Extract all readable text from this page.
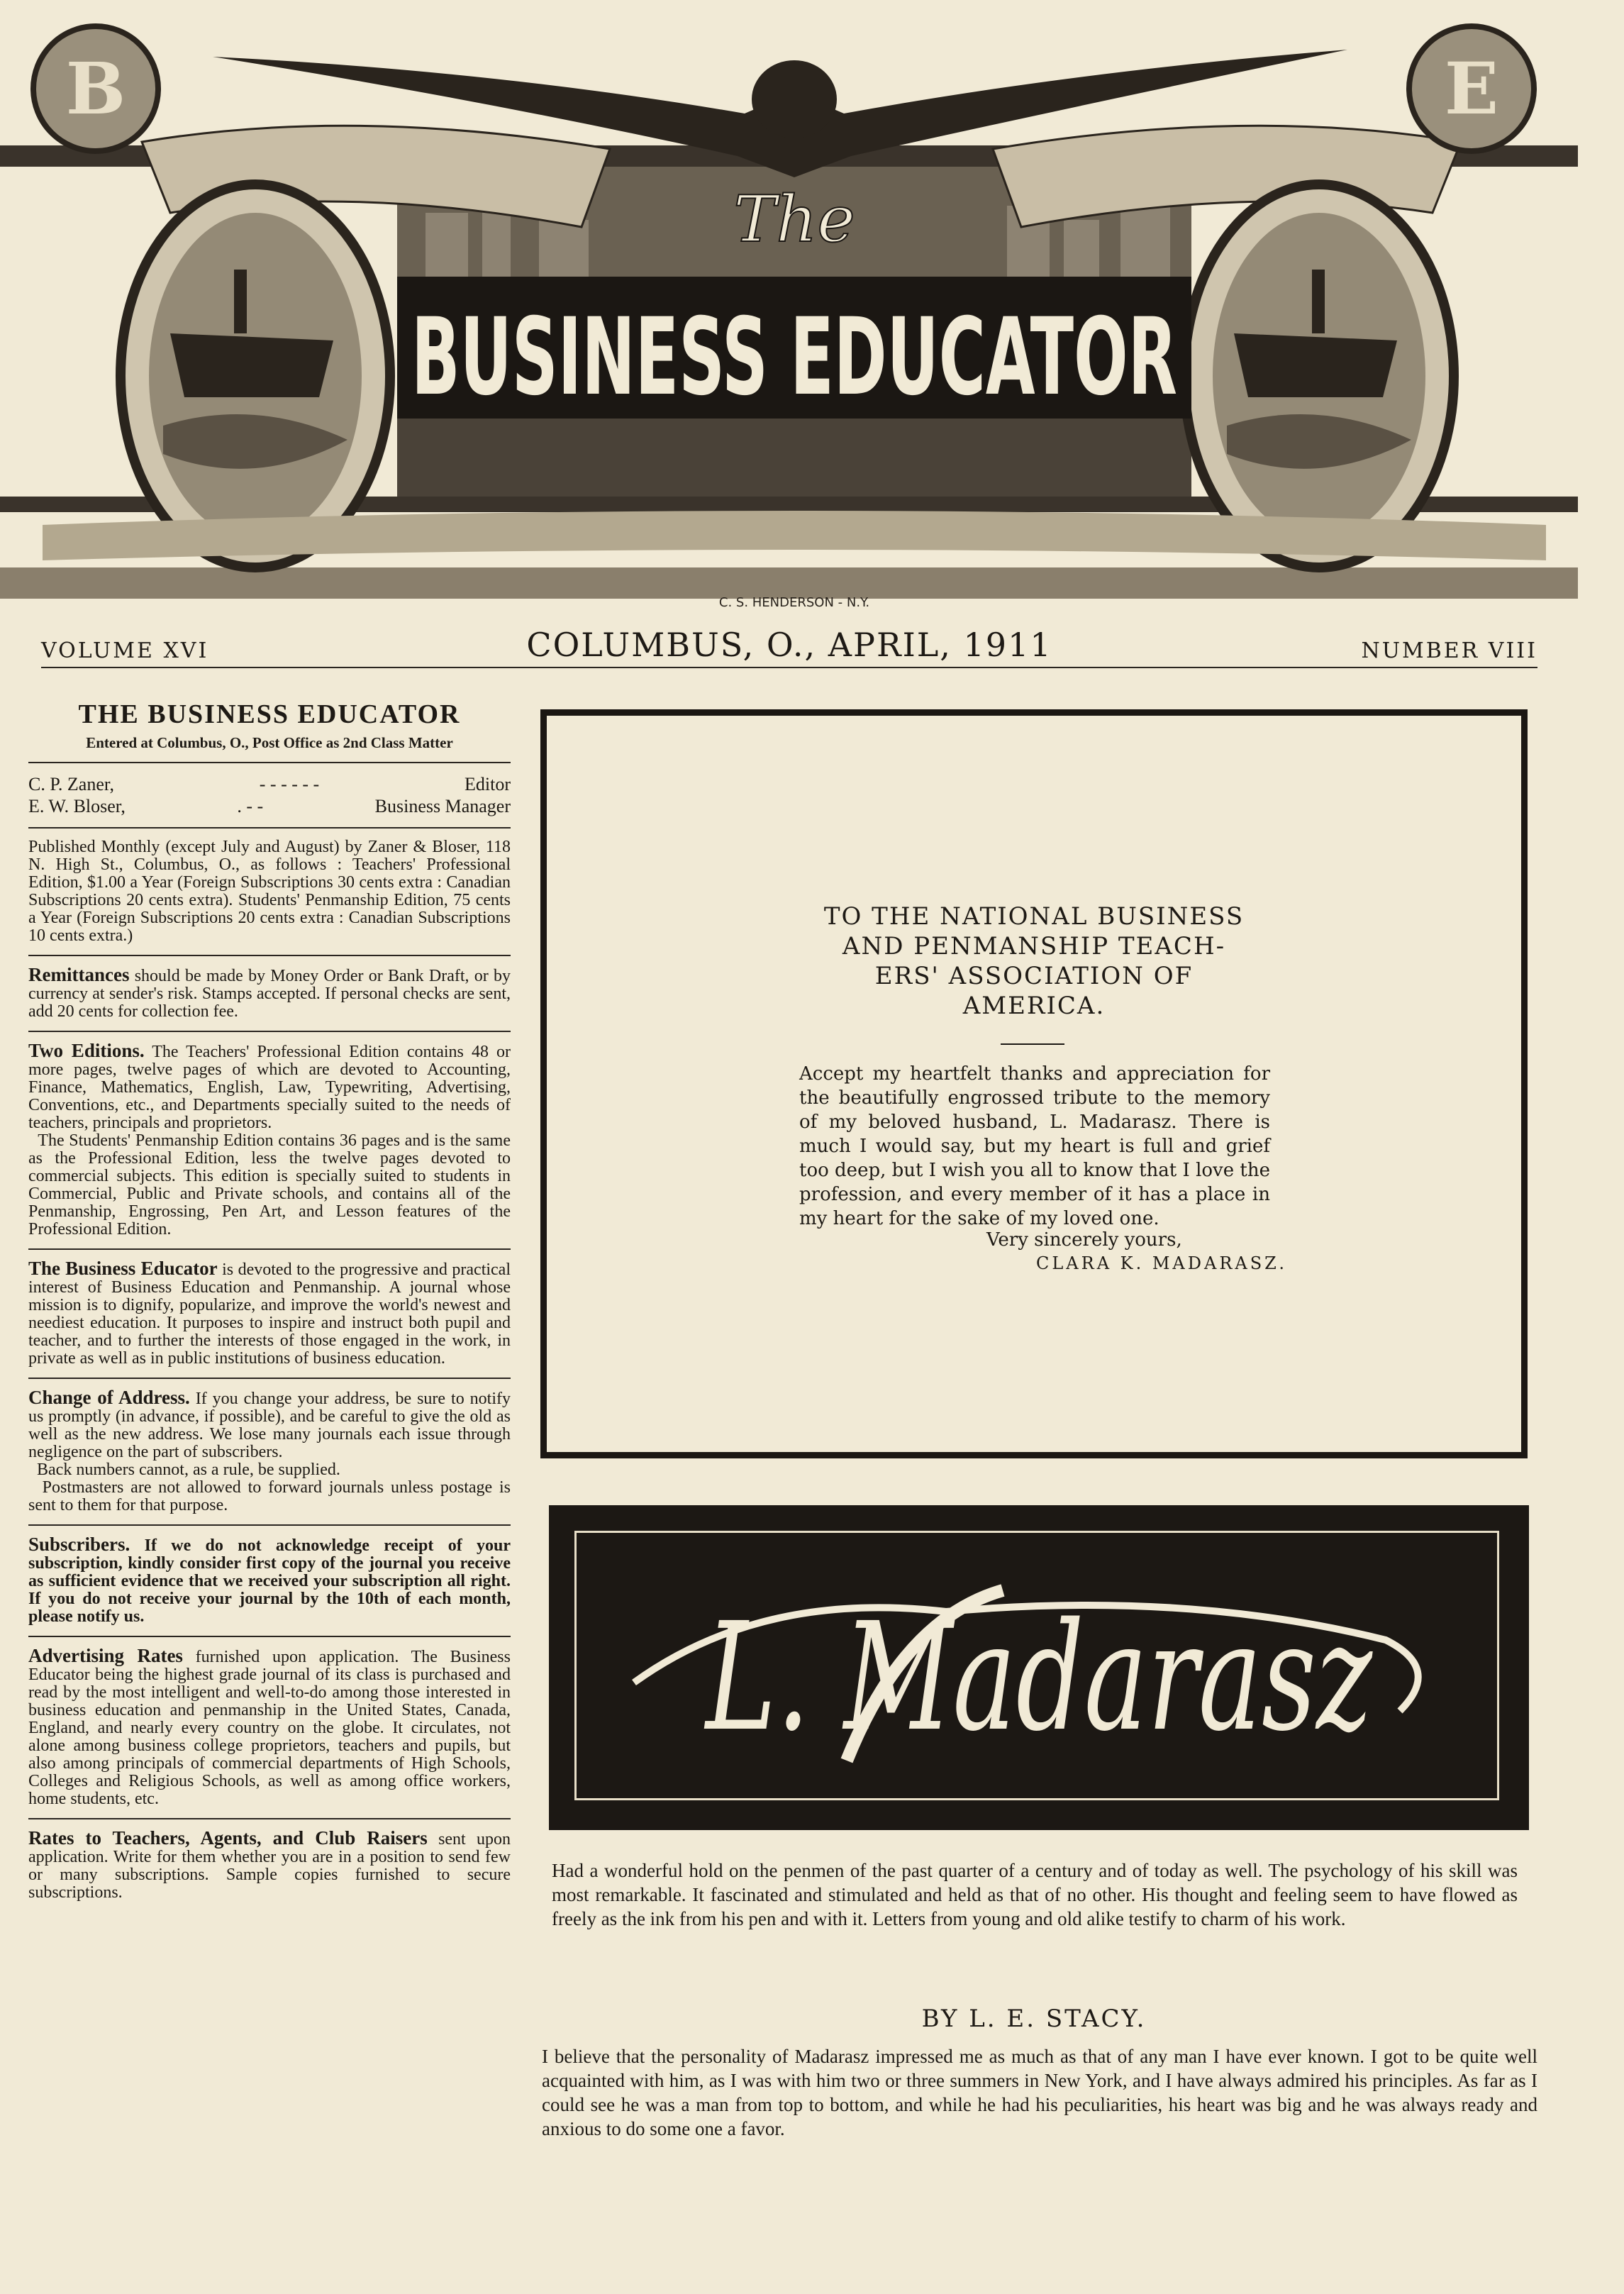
B	E
The
BUSINESS EDUCATOR
C. S. HENDERSON - N.Y.
VOLUME XVI	COLUMBUS, O., APRIL, 1911	NUMBER VIII
THE BUSINESS EDUCATOR
Entered at Columbus, O., Post Office as 2nd Class Matter
C. P. Zaner,	- - - - - -	Editor
E. W. Bloser,	. - -	Business Manager
Published Monthly (except July and August) by Zaner & Bloser, 118 N. High St., Columbus, O., as follows : Teachers' Professional Edition, $1.00 a Year (Foreign Subscriptions 30 cents extra : Canadian Subscriptions 20 cents extra). Students' Penmanship Edition, 75 cents a Year (Foreign Subscriptions 20 cents extra : Canadian Subscriptions 10 cents extra.)
Remittances should be made by Money Order or Bank Draft, or by currency at sender's risk. Stamps accepted. If personal checks are sent, add 20 cents for collection fee.
Two Editions. The Teachers' Professional Edition contains 48 or more pages, twelve pages of which are devoted to Accounting, Finance, Mathematics, English, Law, Typewriting, Advertising, Conventions, etc., and Departments specially suited to the needs of teachers, principals and proprietors.
The Students' Penmanship Edition contains 36 pages and is the same as the Professional Edition, less the twelve pages devoted to commercial subjects. This edition is specially suited to students in Commercial, Public and Private schools, and contains all of the Penmanship, Engrossing, Pen Art, and Lesson features of the Professional Edition.
The Business Educator is devoted to the progressive and practical interest of Business Education and Penmanship. A journal whose mission is to dignify, popularize, and improve the world's newest and neediest education. It purposes to inspire and instruct both pupil and teacher, and to further the interests of those engaged in the work, in private as well as in public institutions of business education.
Change of Address. If you change your address, be sure to notify us promptly (in advance, if possible), and be careful to give the old as well as the new address. We lose many journals each issue through negligence on the part of subscribers.
Back numbers cannot, as a rule, be supplied.
Postmasters are not allowed to forward journals unless postage is sent to them for that purpose.
Subscribers. If we do not acknowledge receipt of your subscription, kindly consider first copy of the journal you receive as sufficient evidence that we received your subscription all right. If you do not receive your journal by the 10th of each month, please notify us.
Advertising Rates furnished upon application. The Business Educator being the highest grade journal of its class is purchased and read by the most intelligent and well-to-do among those interested in business education and penmanship in the United States, Canada, England, and nearly every country on the globe. It circulates, not alone among business college proprietors, teachers and pupils, but also among principals of commercial departments of High Schools, Colleges and Religious Schools, as well as among office workers, home students, etc.
Rates to Teachers, Agents, and Club Raisers sent upon application. Write for them whether you are in a position to send few or many subscriptions. Sample copies furnished to secure subscriptions.
TO THE NATIONAL BUSINESS
AND PENMANSHIP TEACH-
ERS' ASSOCIATION OF
AMERICA.
Accept my heartfelt thanks and appreciation for the beautifully engrossed tribute to the memory of my beloved husband, L. Madarasz. There is much I would say, but my heart is full and grief too deep, but I wish you all to know that I love the profession, and every member of it has a place in my heart for the sake of my loved one.
Very sincerely yours,
CLARA K. MADARASZ.
L. Madarasz
Had a wonderful hold on the penmen of the past quarter of a century and of today as well. The psychology of his skill was most remarkable. It fascinated and stimulated and held as that of no other. His thought and feeling seem to have flowed as freely as the ink from his pen and with it. Letters from young and old alike testify to charm of his work.
BY L. E. STACY.
I believe that the personality of Madarasz impressed me as much as that of any man I have ever known. I got to be quite well acquainted with him, as I was with him two or three summers in New York, and I have always admired his principles. As far as I could see he was a man from top to bottom, and while he had his peculiarities, his heart was big and he was always ready and anxious to do some one a favor.
